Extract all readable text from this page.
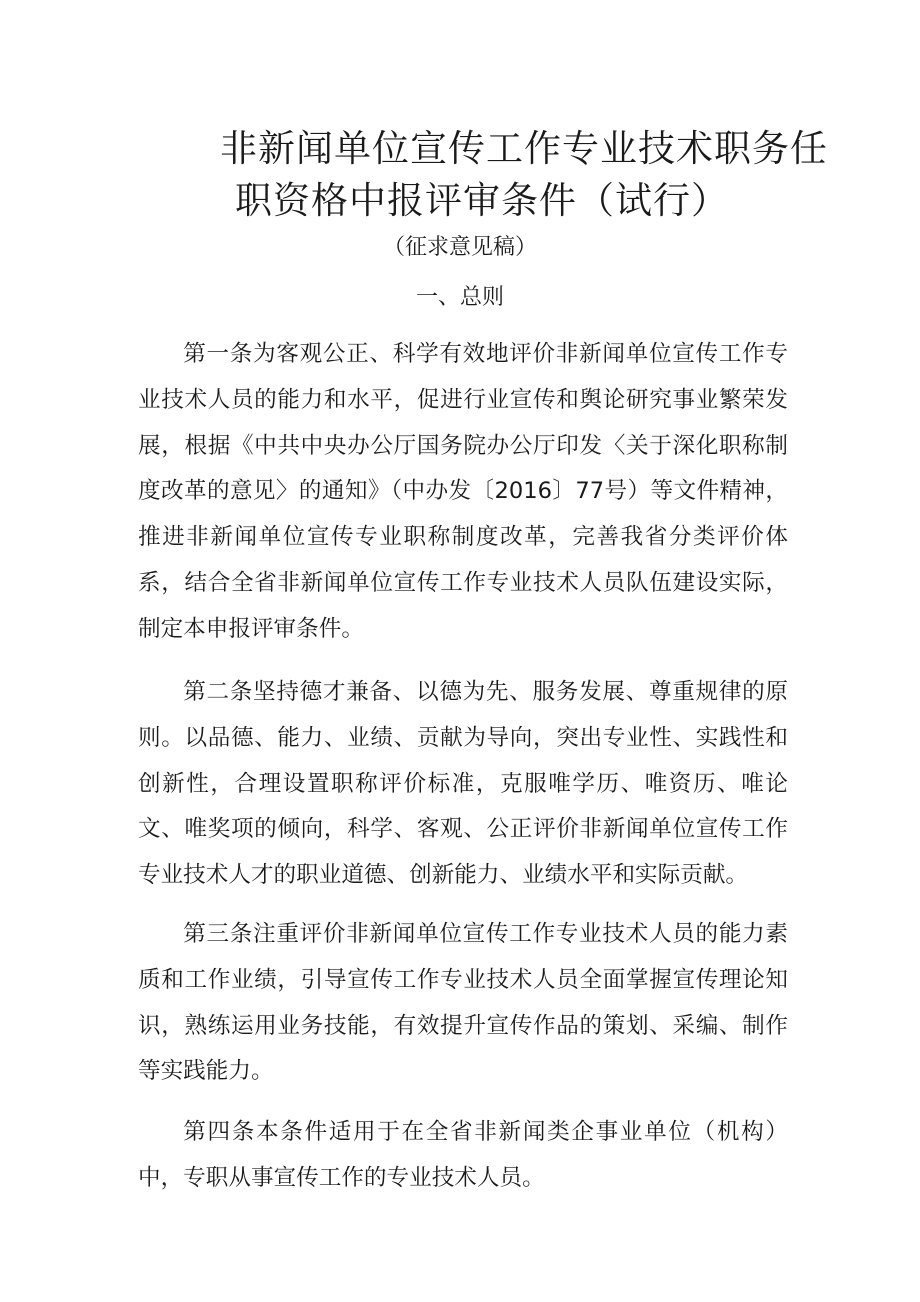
非新闻单位宣传工作专业技术职务任
职资格中报评审条件（试行）
（征求意见稿）
一、总则

第一条为客观公正、科学有效地评价非新闻单位宣传工作专业技术人员的能力和水平，促进行业宣传和舆论研究事业繁荣发展，根据《中共中央办公厅国务院办公厅印发〈关于深化职称制度改革的意见〉的通知》（中办发〔2016〕77号）等文件精神，推进非新闻单位宣传专业职称制度改革，完善我省分类评价体系，结合全省非新闻单位宣传工作专业技术人员队伍建设实际，制定本申报评审条件。

第二条坚持德才兼备、以德为先、服务发展、尊重规律的原则。以品德、能力、业绩、贡献为导向，突出专业性、实践性和创新性，合理设置职称评价标准，克服唯学历、唯资历、唯论文、唯奖项的倾向，科学、客观、公正评价非新闻单位宣传工作专业技术人才的职业道德、创新能力、业绩水平和实际贡献。

第三条注重评价非新闻单位宣传工作专业技术人员的能力素质和工作业绩，引导宣传工作专业技术人员全面掌握宣传理论知识，熟练运用业务技能，有效提升宣传作品的策划、采编、制作等实践能力。

第四条本条件适用于在全省非新闻类企事业单位（机构）中，专职从事宣传工作的专业技术人员。
